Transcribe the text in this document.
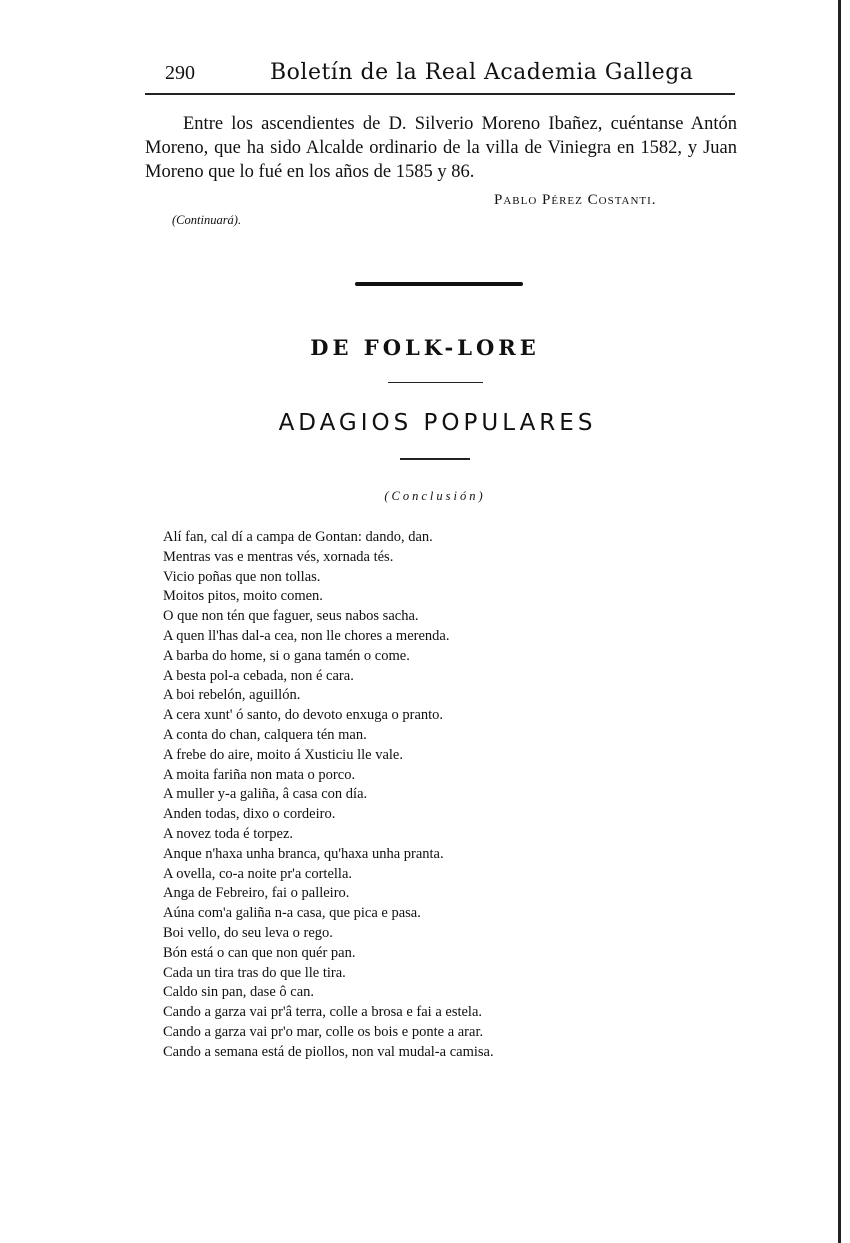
290	Boletín de la Real Academia Gallega
Entre los ascendientes de D. Silverio Moreno Ibañez, cuéntanse Antón Moreno, que ha sido Alcalde ordinario de la villa de Viniegra en 1582, y Juan Moreno que lo fué en los años de 1585 y 86.
Pablo Pérez Costanti.
(Continuará).
DE FOLK-LORE
ADAGIOS POPULARES
(Conclusión)
Alí fan, cal dí a campa de Gontan: dando, dan.
Mentras vas e mentras vés, xornada tés.
Vicio poñas que non tollas.
Moitos pitos, moito comen.
O que non tén que faguer, seus nabos sacha.
A quen ll'has dal-a cea, non lle chores a merenda.
A barba do home, si o gana tamén o come.
A besta pol-a cebada, non é cara.
A boi rebelón, aguillón.
A cera xunt' ó santo, do devoto enxuga o pranto.
A conta do chan, calquera tén man.
A frebe do aire, moito á Xusticiu lle vale.
A moita fariña non mata o porco.
A muller y-a galiña, â casa con día.
Anden todas, dixo o cordeiro.
A novez toda é torpez.
Anque n'haxa unha branca, qu'haxa unha pranta.
A ovella, co-a noite pr'a cortella.
Anga de Febreiro, fai o palleiro.
Aúna com'a galiña n-a casa, que pica e pasa.
Boi vello, do seu leva o rego.
Bón está o can que non quér pan.
Cada un tira tras do que lle tira.
Caldo sin pan, dase ô can.
Cando a garza vai pr'â terra, colle a brosa e fai a estela.
Cando a garza vai pr'o mar, colle os bois e ponte a arar.
Cando a semana está de piollos, non val mudal-a camisa.
